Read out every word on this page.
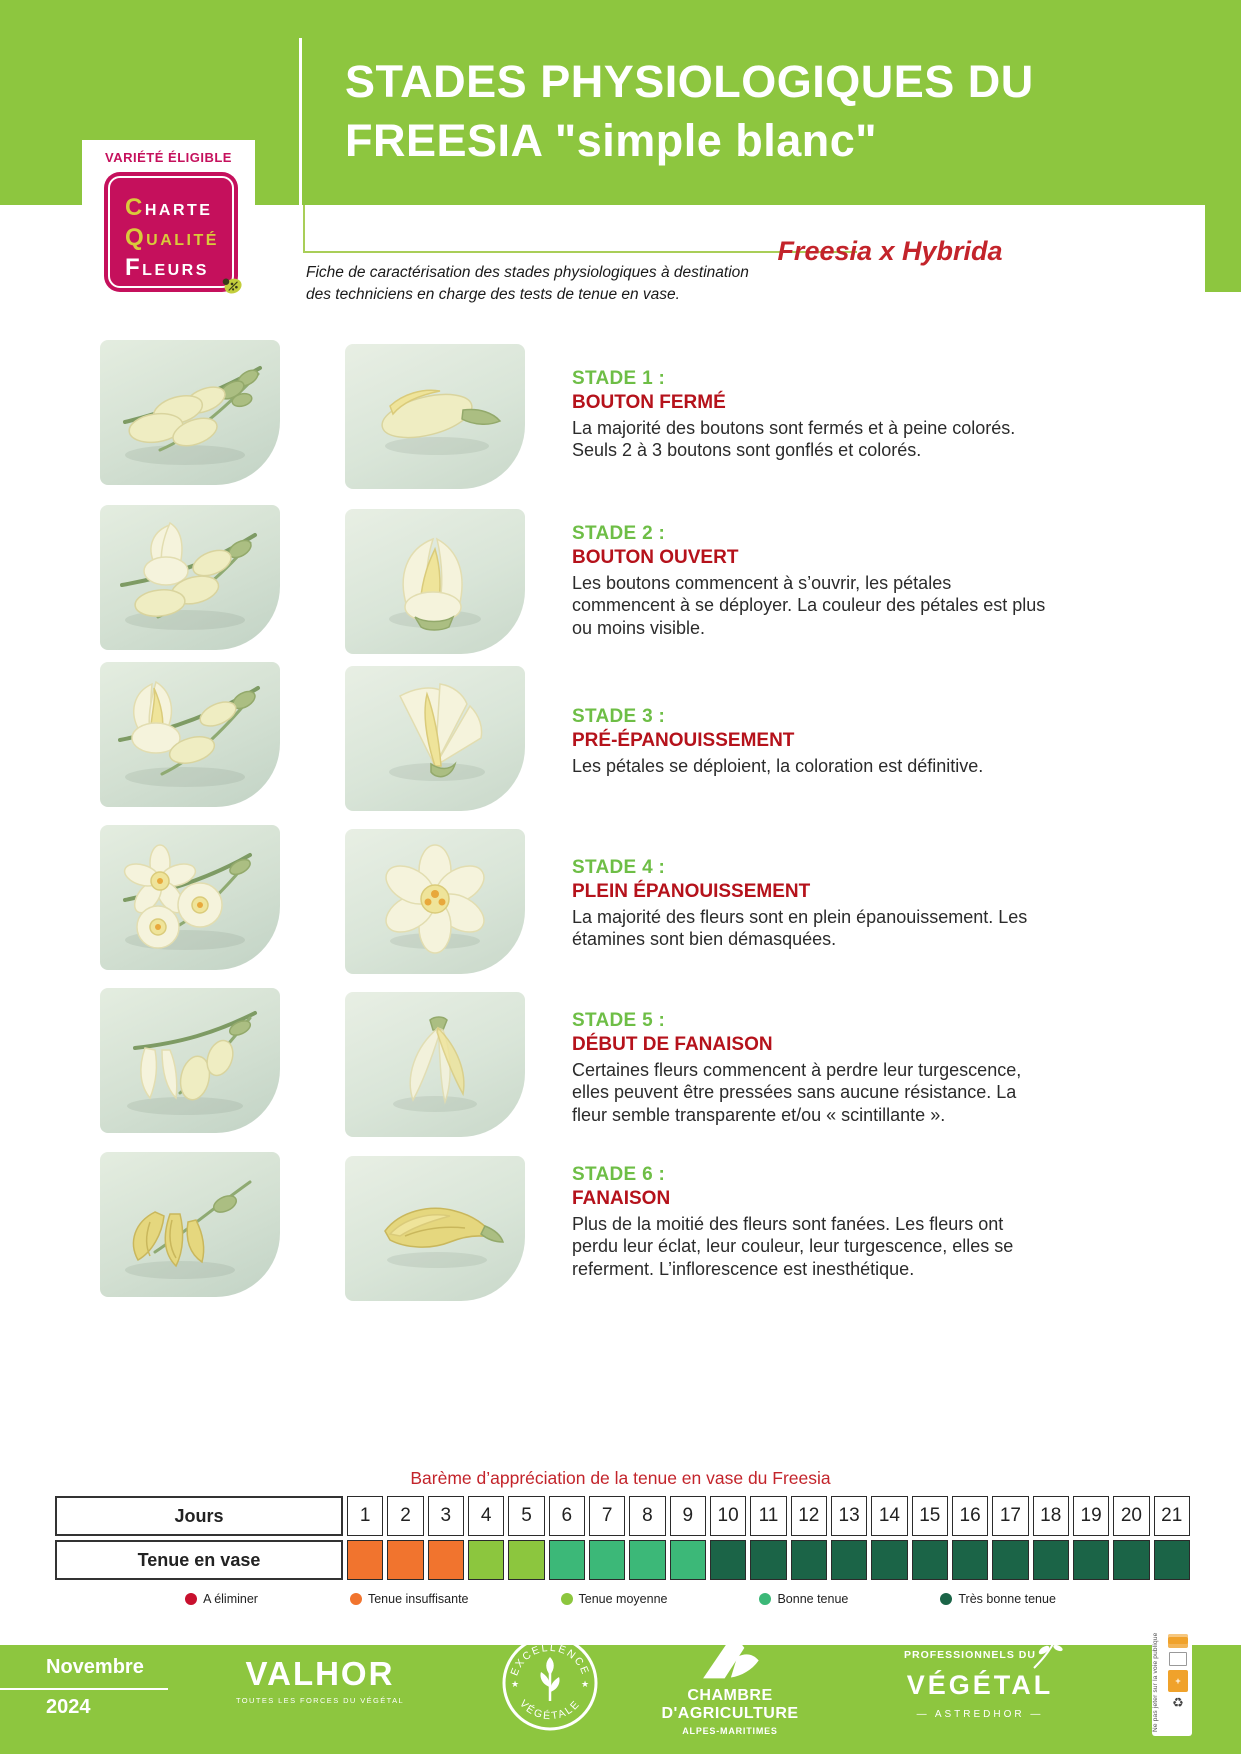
STADES PHYSIOLOGIQUES DU
FREESIA "simple blanc"
Fiche de caractérisation des stades physiologiques à destination des techniciens en charge des tests de tenue en vase.
Freesia x Hybrida
VARIÉTÉ ÉLIGIBLE
CHARTE
QUALITÉ
FLEURS
STADE 1 :
BOUTON FERMÉ
La majorité des boutons sont fermés et à peine colorés. Seuls 2 à 3 boutons sont gonflés et colorés.
STADE 2 :
BOUTON OUVERT
Les boutons commencent à s’ouvrir, les pétales commencent à se déployer. La couleur des pétales est plus ou moins visible.
STADE 3 :
PRÉ-ÉPANOUISSEMENT
Les pétales se déploient, la coloration est définitive.
STADE 4 :
PLEIN ÉPANOUISSEMENT
La majorité des fleurs sont en plein épanouissement. Les étamines sont bien démasquées.
STADE 5 :
DÉBUT DE FANAISON
Certaines fleurs commencent à perdre leur turgescence, elles peuvent être pressées sans aucune résistance. La fleur semble transparente et/ou « scintillante ».
STADE 6 :
FANAISON
Plus de la moitié des fleurs sont fanées. Les fleurs ont perdu leur éclat, leur couleur, leur turgescence, elles se referment. L’inflorescence est inesthétique.
Barème d’appréciation de la tenue en vase du Freesia
Jours	1	2	3	4	5	6	7	8	9	10	11	12	13	14	15	16	17	18	19	20	21
Tenue en vase
A éliminer	Tenue insuffisante	Tenue moyenne	Bonne tenue	Très bonne tenue
Novembre
2024
VALHOR
TOUTES LES FORCES DU VÉGÉTAL
EXCELLENCE
VÉGÉTALE
★	★
CHAMBRE
D'AGRICULTURE
ALPES-MARITIMES
INSTITUT DES
PROFESSIONNELS DU
VÉGÉTAL
— ASTREDHOR —	Ne pas jeter sur la voie publique	+
♻
